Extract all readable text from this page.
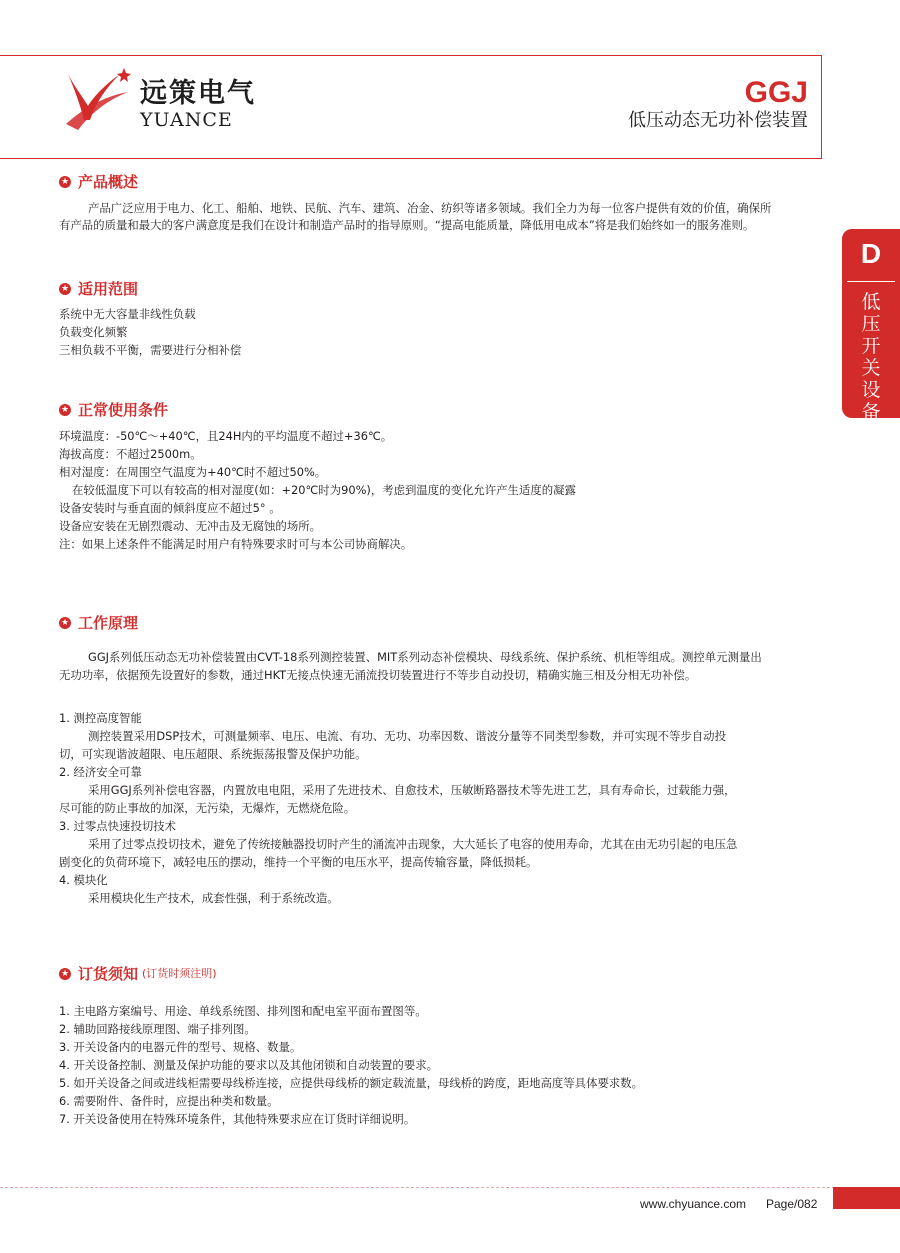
远策电气
YUANCE
GGJ
低压动态无功补偿装置
D
低
压
开
关
设
备
★ 产品概述
产品广泛应用于电力、化工、船舶、地铁、民航、汽车、建筑、冶金、纺织等诸多领域。我们全力为每一位客户提供有效的价值，确保所
有产品的质量和最大的客户满意度是我们在设计和制造产品时的指导原则。“提高电能质量，降低用电成本”将是我们始终如一的服务准则。
★ 适用范围
系统中无大容量非线性负载
负载变化频繁
三相负载不平衡，需要进行分相补偿
★ 正常使用条件
环境温度：-50℃～+40℃，且24H内的平均温度不超过+36℃。
海拔高度：不超过2500m。
相对湿度：在周围空气温度为+40℃时不超过50%。
在较低温度下可以有较高的相对湿度(如：+20℃时为90%)，考虑到温度的变化允许产生适度的凝露
设备安装时与垂直面的倾斜度应不超过5° 。
设备应安装在无剧烈震动、无冲击及无腐蚀的场所。
注：如果上述条件不能满足时用户有特殊要求时可与本公司协商解决。
★ 工作原理
GGJ系列低压动态无功补偿装置由CVT-18系列测控装置、MIT系列动态补偿模块、母线系统、保护系统、机柜等组成。测控单元测量出
无功功率，依据预先设置好的参数，通过HKT无接点快速无涌流投切装置进行不等步自动投切，精确实施三相及分相无功补偿。
1. 测控高度智能
测控装置采用DSP技术，可测量频率、电压、电流、有功、无功、功率因数、谐波分量等不同类型参数，并可实现不等步自动投
切，可实现谐波超限、电压超限、系统振荡报警及保护功能。
2. 经济安全可靠
采用GGJ系列补偿电容器，内置放电电阻，采用了先进技术、自愈技术，压敏断路器技术等先进工艺，具有寿命长，过载能力强，
尽可能的防止事故的加深，无污染，无爆炸，无燃烧危险。
3. 过零点快速投切技术
采用了过零点投切技术，避免了传统接触器投切时产生的涌流冲击现象，大大延长了电容的使用寿命，尤其在由无功引起的电压急
剧变化的负荷环境下，减轻电压的摆动，维持一个平衡的电压水平，提高传输容量，降低损耗。
4. 模块化
采用模块化生产技术，成套性强，利于系统改造。
★ 订货须知 (订货时须注明)
1. 主电路方案编号、用途、单线系统图、排列图和配电室平面布置图等。
2. 辅助回路接线原理图、端子排列图。
3. 开关设备内的电器元件的型号、规格、数量。
4. 开关设备控制、测量及保护功能的要求以及其他闭锁和自动装置的要求。
5. 如开关设备之间或进线柜需要母线桥连接，应提供母线桥的额定载流量，母线桥的跨度，距地高度等具体要求数。
6. 需要附件、备件时，应提出种类和数量。
7. 开关设备使用在特殊环境条件，其他特殊要求应在订货时详细说明。
www.chyuance.com Page/082
